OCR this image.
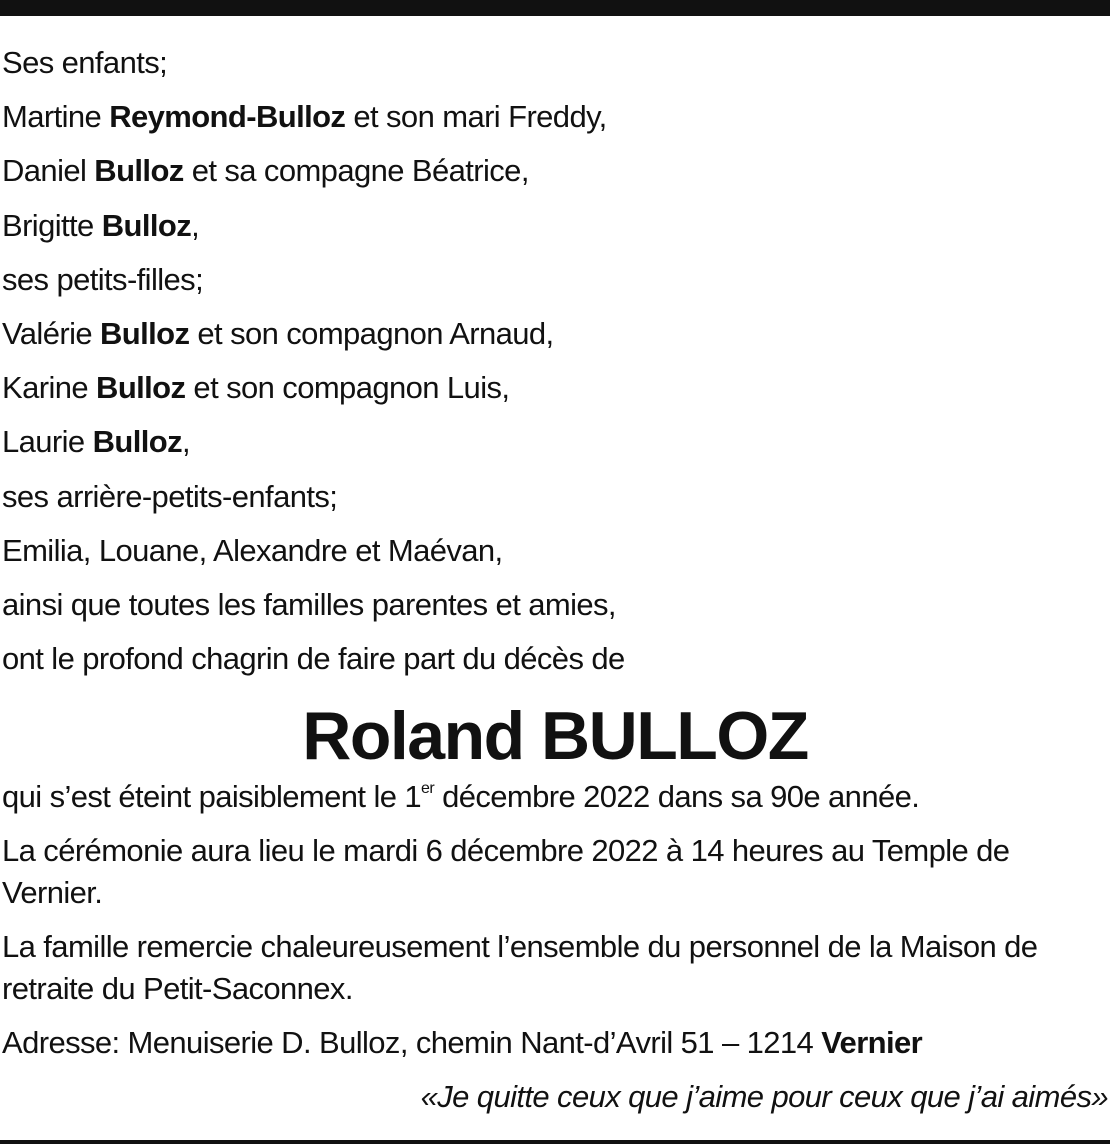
Ses enfants;
Martine Reymond-Bulloz et son mari Freddy,
Daniel Bulloz et sa compagne Béatrice,
Brigitte Bulloz,
ses petits-filles;
Valérie Bulloz et son compagnon Arnaud,
Karine Bulloz et son compagnon Luis,
Laurie Bulloz,
ses arrière-petits-enfants;
Emilia, Louane, Alexandre et Maévan,
ainsi que toutes les familles parentes et amies,
ont le profond chagrin de faire part du décès de
Roland BULLOZ
qui s’est éteint paisiblement le 1er décembre 2022 dans sa 90e année.
La cérémonie aura lieu le mardi 6 décembre 2022 à 14 heures au Temple de Vernier.
La famille remercie chaleureusement l’ensemble du personnel de la Maison de retraite du Petit-Saconnex.
Adresse: Menuiserie D. Bulloz, chemin Nant-d’Avril 51 – 1214 Vernier
«Je quitte ceux que j’aime pour ceux que j’ai aimés»
